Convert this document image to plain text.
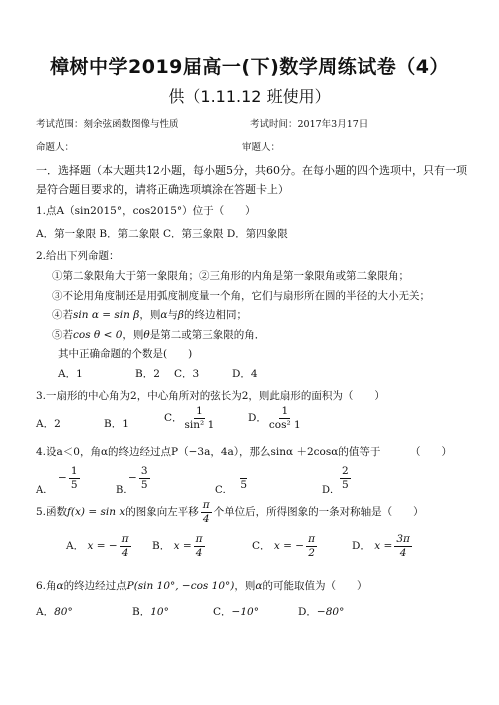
樟树中学2019届高一(下)数学周练试卷（4）
供（1.11.12 班使用）
考试范围：刻余弦函数图像与性质	考试时间：2017年3月17日
命题人：	审题人：
一．选择题（本大题共12小题，每小题5分，共60分。在每小题的四个选项中，只有一项
是符合题目要求的，请将正确选项填涂在答题卡上）
1.点A（sin2015°，cos2015°）位于（　　）
A．第一象限 B．第二象限 C．第三象限 D．第四象限
2.给出下列命题：
①第二象限角大于第一象限角；②三角形的内角是第一象限角或第二象限角；
③不论用角度制还是用弧度制度量一个角，它们与扇形所在圆的半径的大小无关；
④若sin α = sin β，则α与β的终边相同；
⑤若cos θ < 0，则θ是第二或第三象限的角．
其中正确命题的个数是(　　)
A．1	B．2 C．3	D．4
3.一扇形的中心角为2，中心角所对的弦长为2，则此扇形的面积为（　　）
A．2	B．1	C． $\frac{1}{\text{sin² 1}}$	D． $\frac{1}{\text{cos² 1}}$
4.设a＜0，角α的终边经过点P（−3a，4a），那么sinα ＋2cosα的值等于	（　　）
− $\frac{1}{5}$
A．
− $\frac{3}{5}$
B．
	5
C．
$\frac{2}{5}$
D．
5.函数f(x) = sin x的图象向左平移 $\frac{\pi}{4}$ 个单位后，所得图象的一条对称轴是（　　）
A． x = − $\frac{\pi}{4}$ B． $x = \frac{\pi}{4}$	C． x = − $\frac{\pi}{2}$	D． $x = \frac{3\pi}{4}$
6.角α的终边经过点P(sin 10°, −cos 10°)，则α的可能取值为（　　）
A．80°	B．10°	C．−10°	D．−80°
